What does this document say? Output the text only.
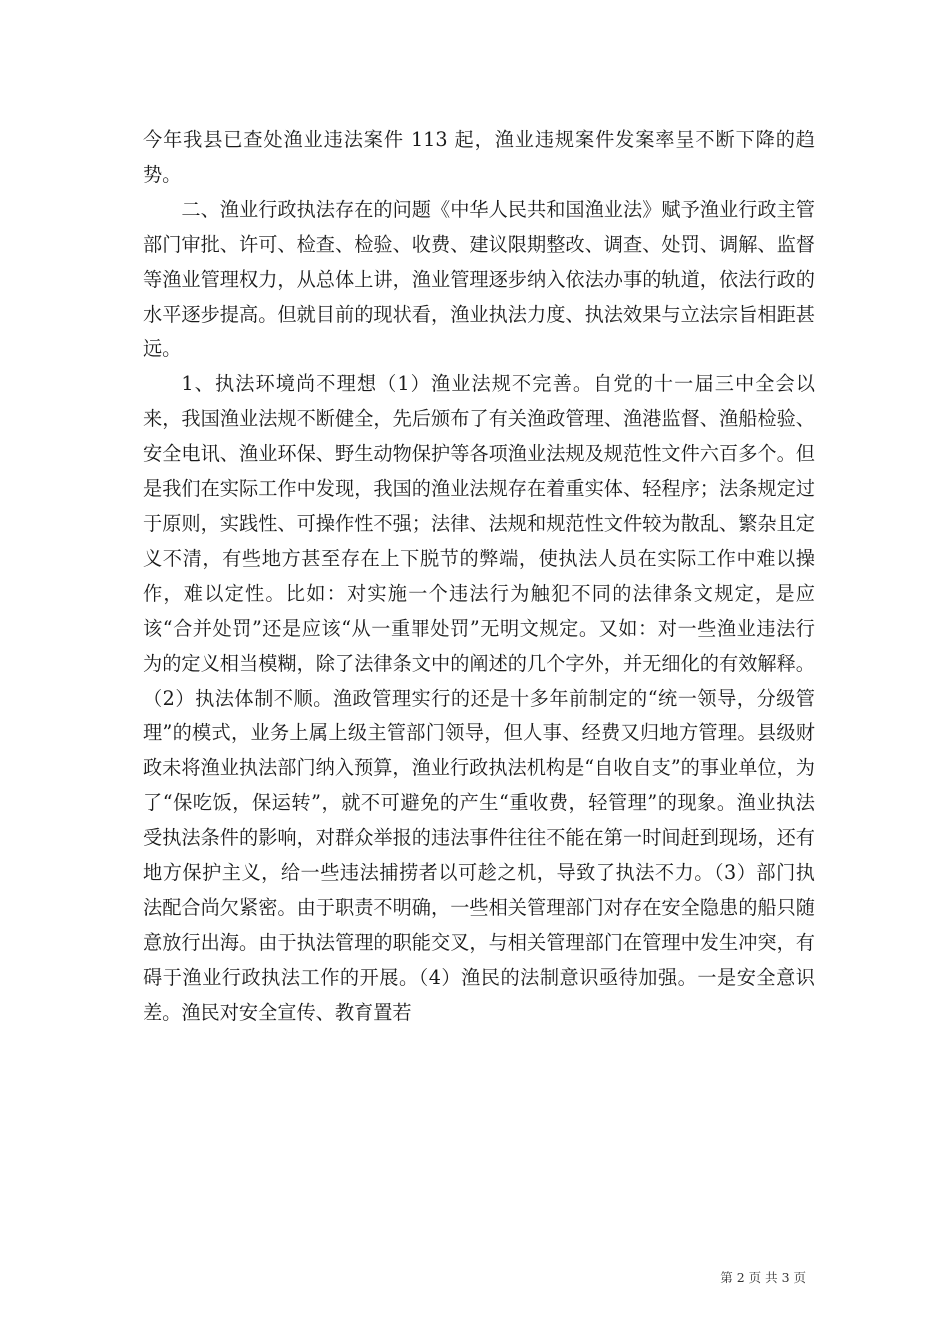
今年我县已查处渔业违法案件 113 起，渔业违规案件发案率呈不断下降的趋势。

二、渔业行政执法存在的问题《中华人民共和国渔业法》赋予渔业行政主管部门审批、许可、检查、检验、收费、建议限期整改、调查、处罚、调解、监督等渔业管理权力，从总体上讲，渔业管理逐步纳入依法办事的轨道，依法行政的水平逐步提高。但就目前的现状看，渔业执法力度、执法效果与立法宗旨相距甚远。

1、执法环境尚不理想（1）渔业法规不完善。自党的十一届三中全会以来，我国渔业法规不断健全，先后颁布了有关渔政管理、渔港监督、渔船检验、安全电讯、渔业环保、野生动物保护等各项渔业法规及规范性文件六百多个。但是我们在实际工作中发现，我国的渔业法规存在着重实体、轻程序；法条规定过于原则，实践性、可操作性不强；法律、法规和规范性文件较为散乱、繁杂且定义不清，有些地方甚至存在上下脱节的弊端，使执法人员在实际工作中难以操作，难以定性。比如：对实施一个违法行为触犯不同的法律条文规定，是应该“合并处罚”还是应该“从一重罪处罚”无明文规定。又如：对一些渔业违法行为的定义相当模糊，除了法律条文中的阐述的几个字外，并无细化的有效解释。（2）执法体制不顺。渔政管理实行的还是十多年前制定的“统一领导，分级管理”的模式，业务上属上级主管部门领导，但人事、经费又归地方管理。县级财政未将渔业执法部门纳入预算，渔业行政执法机构是“自收自支”的事业单位，为了“保吃饭，保运转”，就不可避免的产生“重收费，轻管理”的现象。渔业执法受执法条件的影响，对群众举报的违法事件往往不能在第一时间赶到现场，还有地方保护主义，给一些违法捕捞者以可趁之机，导致了执法不力。（3）部门执法配合尚欠紧密。由于职责不明确，一些相关管理部门对存在安全隐患的船只随意放行出海。由于执法管理的职能交叉，与相关管理部门在管理中发生冲突，有碍于渔业行政执法工作的开展。（4）渔民的法制意识亟待加强。一是安全意识差。渔民对安全宣传、教育置若

第 2 页 共 3 页
